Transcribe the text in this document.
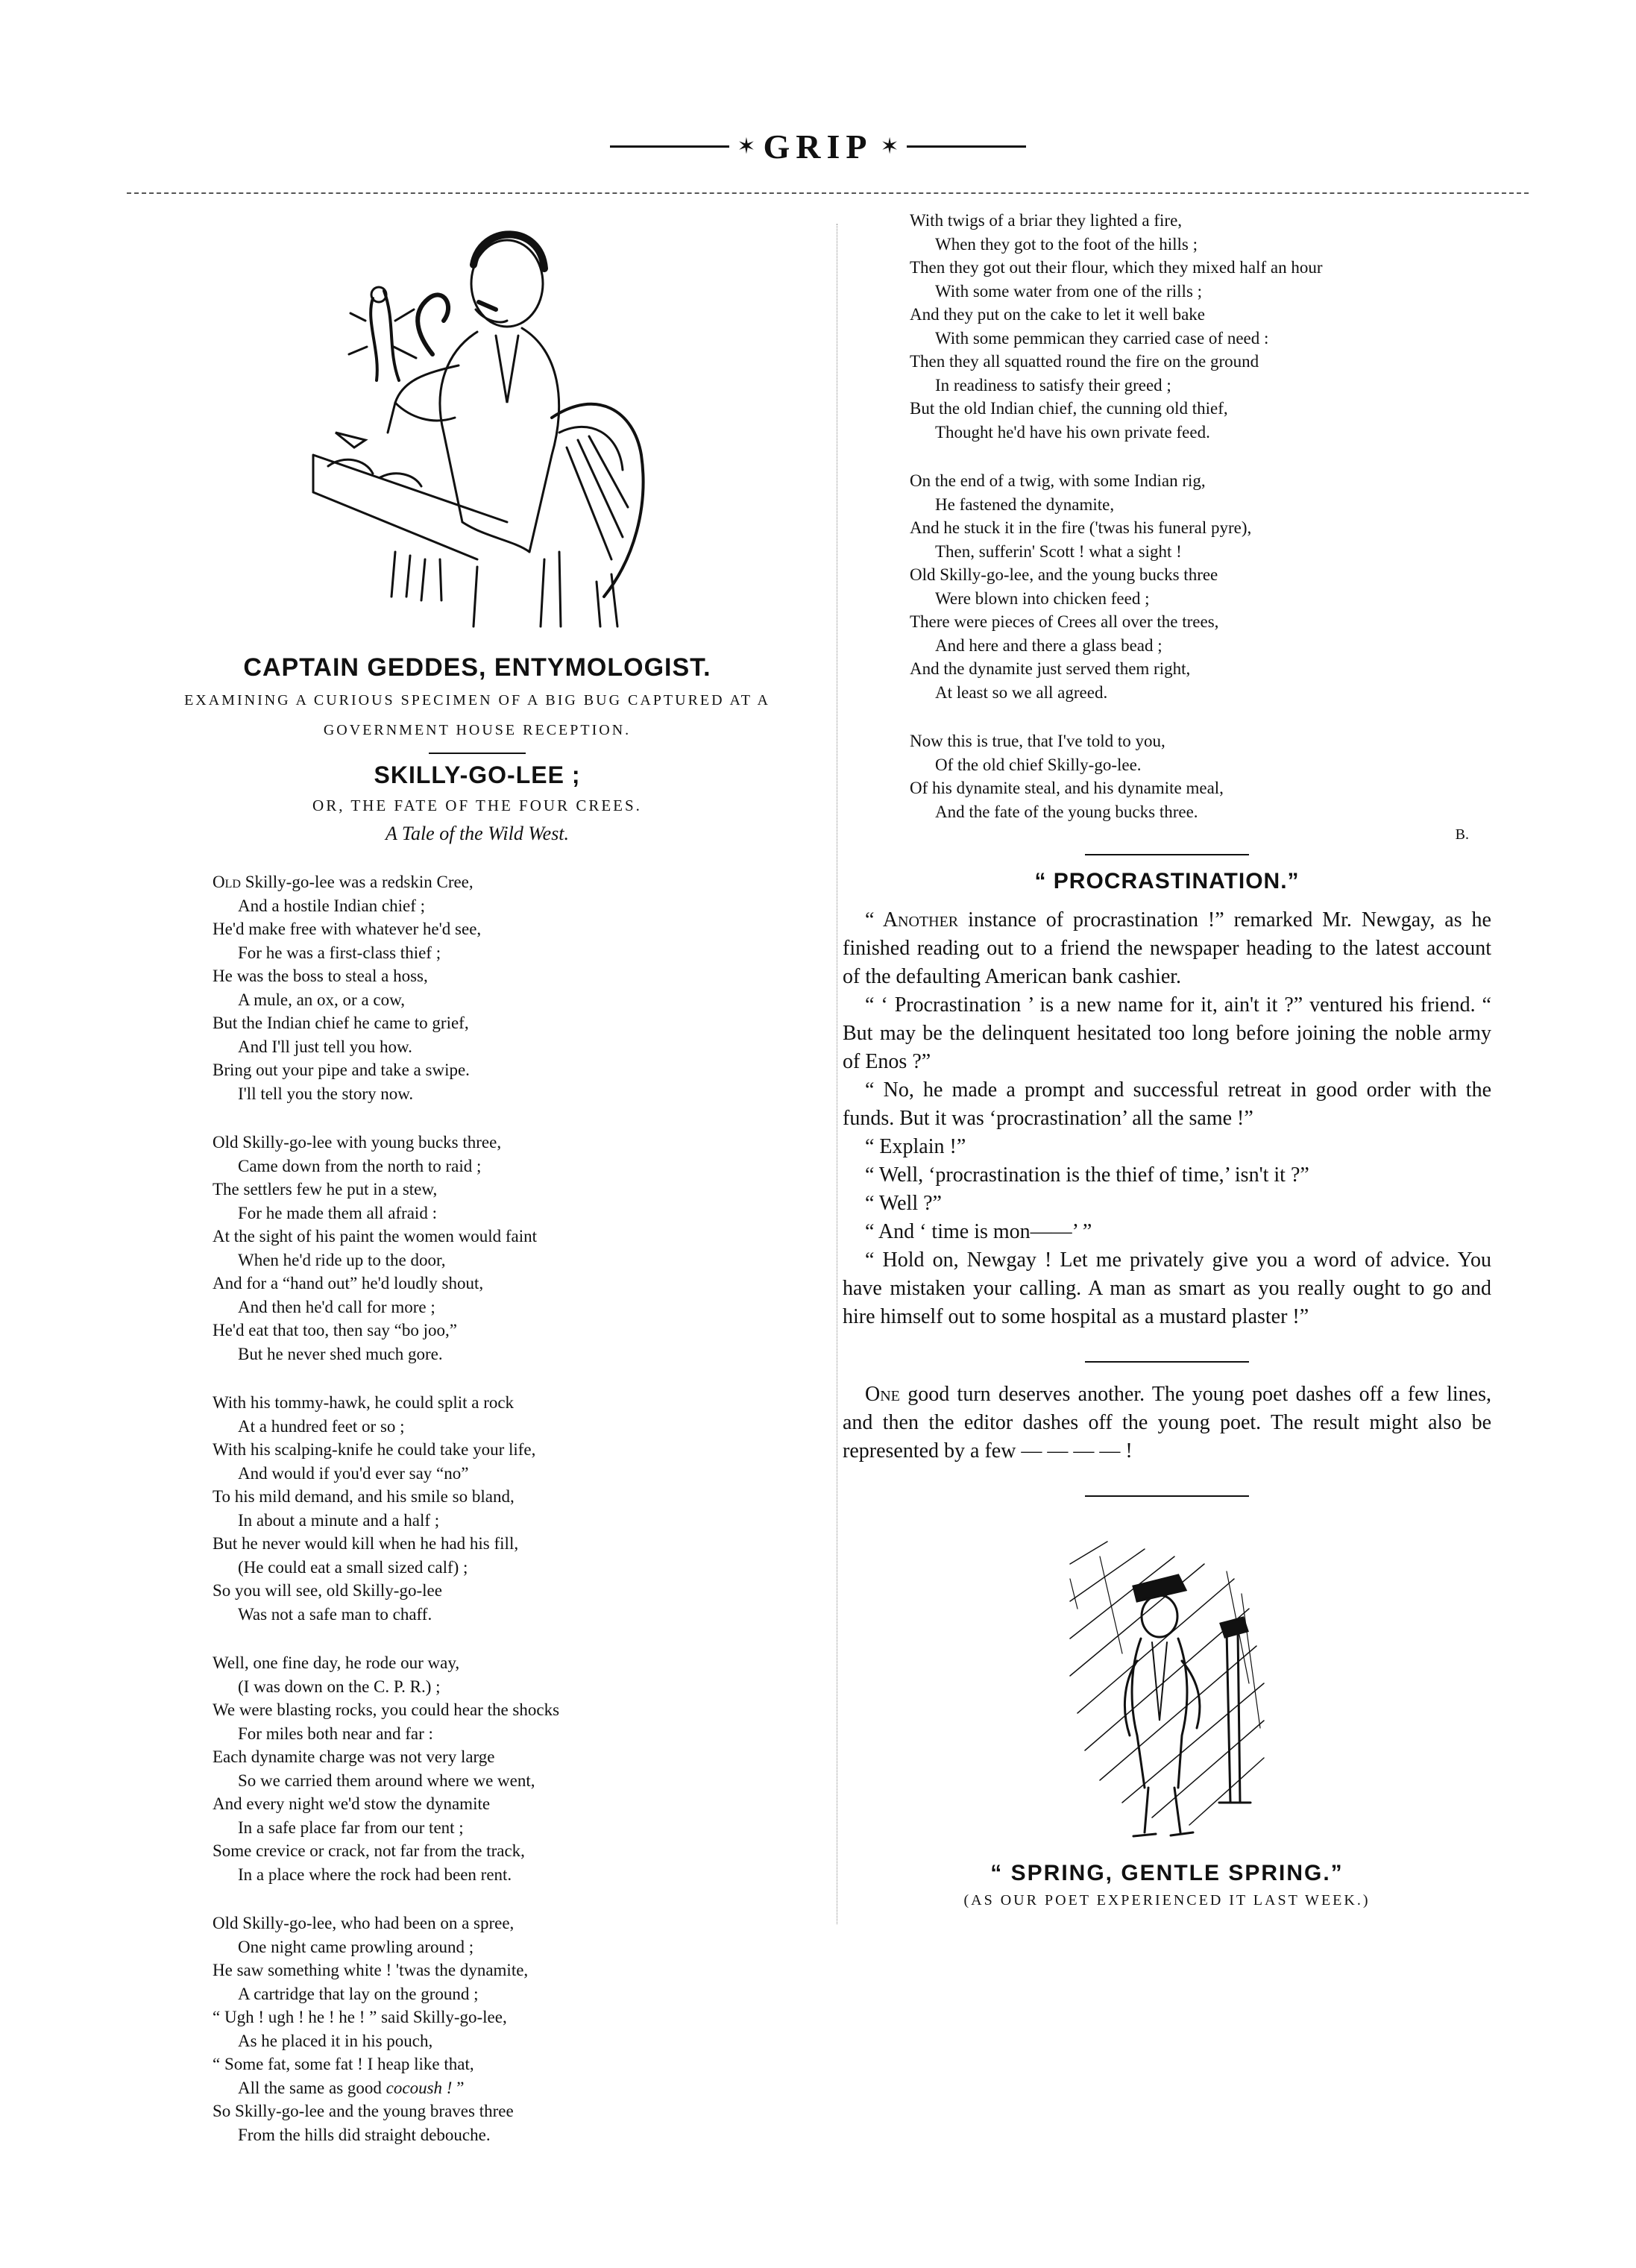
✶ GRIP ✶
CAPTAIN GEDDES, ENTYMOLOGIST.
EXAMINING A CURIOUS SPECIMEN OF A BIG BUG CAPTURED AT A GOVERNMENT HOUSE RECEPTION.
SKILLY-GO-LEE ;
OR, THE FATE OF THE FOUR CREES.
A Tale of the Wild West.
Old Skilly-go-lee was a redskin Cree,
And a hostile Indian chief ;
He'd make free with whatever he'd see,
For he was a first-class thief ;
He was the boss to steal a hoss,
A mule, an ox, or a cow,
But the Indian chief he came to grief,
And I'll just tell you how.
Bring out your pipe and take a swipe.
I'll tell you the story now.
Old Skilly-go-lee with young bucks three,
Came down from the north to raid ;
The settlers few he put in a stew,
For he made them all afraid :
At the sight of his paint the women would faint
When he'd ride up to the door,
And for a “hand out” he'd loudly shout,
And then he'd call for more ;
He'd eat that too, then say “bo joo,”
But he never shed much gore.
With his tommy-hawk, he could split a rock
At a hundred feet or so ;
With his scalping-knife he could take your life,
And would if you'd ever say “no”
To his mild demand, and his smile so bland,
In about a minute and a half ;
But he never would kill when he had his fill,
(He could eat a small sized calf) ;
So you will see, old Skilly-go-lee
Was not a safe man to chaff.
Well, one fine day, he rode our way,
(I was down on the C. P. R.) ;
We were blasting rocks, you could hear the shocks
For miles both near and far :
Each dynamite charge was not very large
So we carried them around where we went,
And every night we'd stow the dynamite
In a safe place far from our tent ;
Some crevice or crack, not far from the track,
In a place where the rock had been rent.
Old Skilly-go-lee, who had been on a spree,
One night came prowling around ;
He saw something white ! 'twas the dynamite,
A cartridge that lay on the ground ;
“ Ugh ! ugh ! he ! he ! ” said Skilly-go-lee,
As he placed it in his pouch,
“ Some fat, some fat ! I heap like that,
All the same as good cocoush ! ”
So Skilly-go-lee and the young braves three
From the hills did straight debouche.
With twigs of a briar they lighted a fire,
When they got to the foot of the hills ;
Then they got out their flour, which they mixed half an hour
With some water from one of the rills ;
And they put on the cake to let it well bake
With some pemmican they carried case of need :
Then they all squatted round the fire on the ground
In readiness to satisfy their greed ;
But the old Indian chief, the cunning old thief,
Thought he'd have his own private feed.
On the end of a twig, with some Indian rig,
He fastened the dynamite,
And he stuck it in the fire ('twas his funeral pyre),
Then, sufferin' Scott ! what a sight !
Old Skilly-go-lee, and the young bucks three
Were blown into chicken feed ;
There were pieces of Crees all over the trees,
And here and there a glass bead ;
And the dynamite just served them right,
At least so we all agreed.
Now this is true, that I've told to you,
Of the old chief Skilly-go-lee.
Of his dynamite steal, and his dynamite meal,
And the fate of the young bucks three.
B.
“ PROCRASTINATION.”

“ Another instance of procrastination !” remarked Mr. Newgay, as he finished reading out to a friend the newspaper heading to the latest account of the defaulting American bank cashier.

“ ‘ Procrastination ’ is a new name for it, ain't it ?” ventured his friend. “ But may be the delinquent hesitated too long before joining the noble army of Enos ?”

“ No, he made a prompt and successful retreat in good order with the funds. But it was ‘procrastination’ all the same !”

“ Explain !”

“ Well, ‘procrastination is the thief of time,’ isn't it ?”

“ Well ?”

“ And ‘ time is mon——’ ”

“ Hold on, Newgay ! Let me privately give you a word of advice. You have mistaken your calling. A man as smart as you really ought to go and hire himself out to some hospital as a mustard plaster !”

One good turn deserves another. The young poet dashes off a few lines, and then the editor dashes off the young poet. The result might also be represented by a few — — — — !

“ SPRING, GENTLE SPRING.”
(AS OUR POET EXPERIENCED IT LAST WEEK.)
